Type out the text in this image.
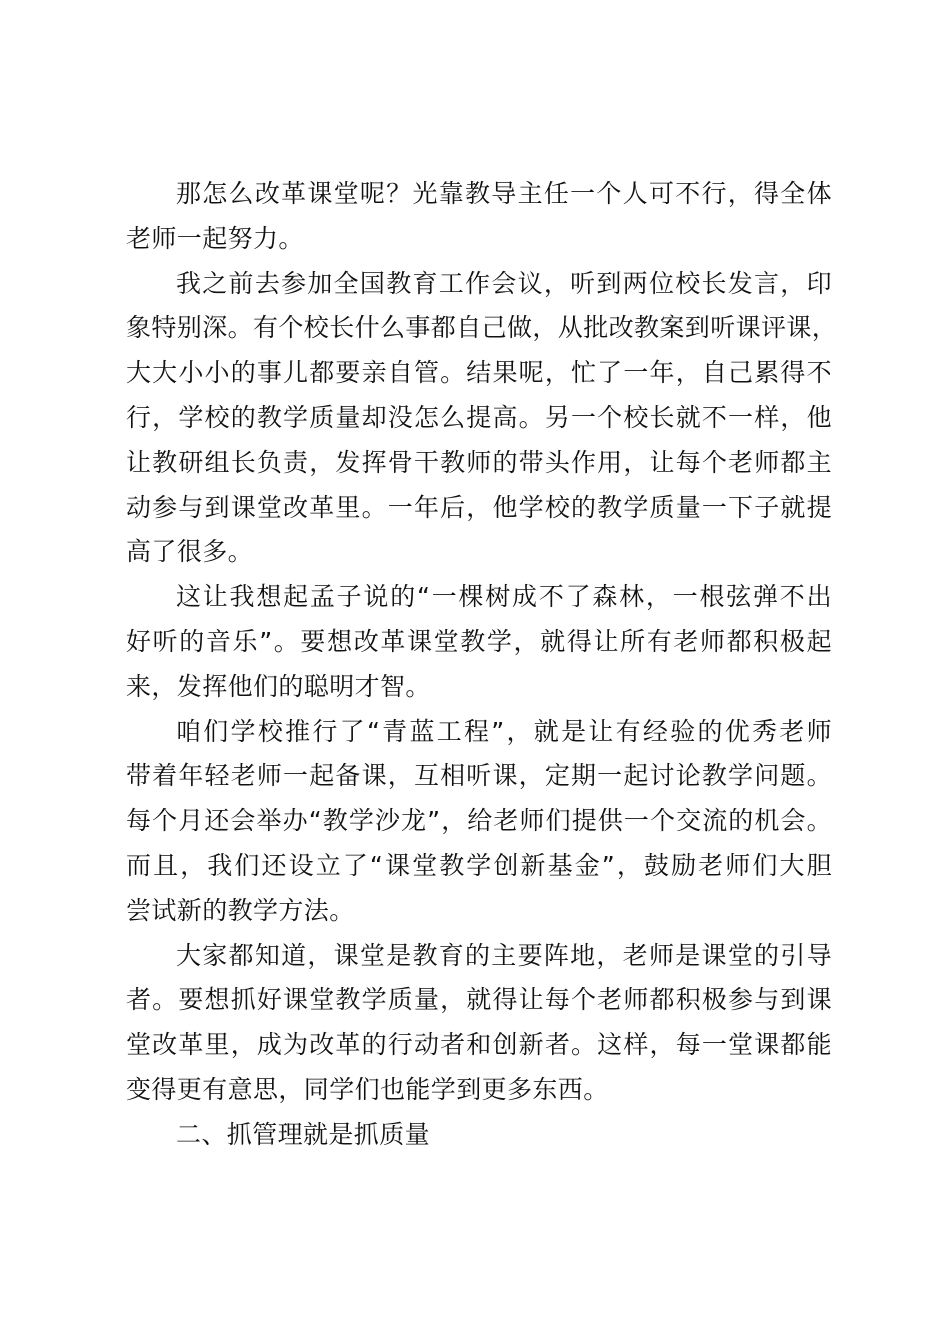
那怎么改革课堂呢？光靠教导主任一个人可不行，得全体
老师一起努力。
我之前去参加全国教育工作会议，听到两位校长发言，印
象特别深。有个校长什么事都自己做，从批改教案到听课评课，
大大小小的事儿都要亲自管。结果呢，忙了一年，自己累得不
行，学校的教学质量却没怎么提高。另一个校长就不一样，他
让教研组长负责，发挥骨干教师的带头作用，让每个老师都主
动参与到课堂改革里。一年后，他学校的教学质量一下子就提
高了很多。
这让我想起孟子说的“一棵树成不了森林，一根弦弹不出
好听的音乐”。要想改革课堂教学，就得让所有老师都积极起
来，发挥他们的聪明才智。
咱们学校推行了“青蓝工程”，就是让有经验的优秀老师
带着年轻老师一起备课，互相听课，定期一起讨论教学问题。
每个月还会举办“教学沙龙”，给老师们提供一个交流的机会。
而且，我们还设立了“课堂教学创新基金”，鼓励老师们大胆
尝试新的教学方法。
大家都知道，课堂是教育的主要阵地，老师是课堂的引导
者。要想抓好课堂教学质量，就得让每个老师都积极参与到课
堂改革里，成为改革的行动者和创新者。这样，每一堂课都能
变得更有意思，同学们也能学到更多东西。
二、抓管理就是抓质量
